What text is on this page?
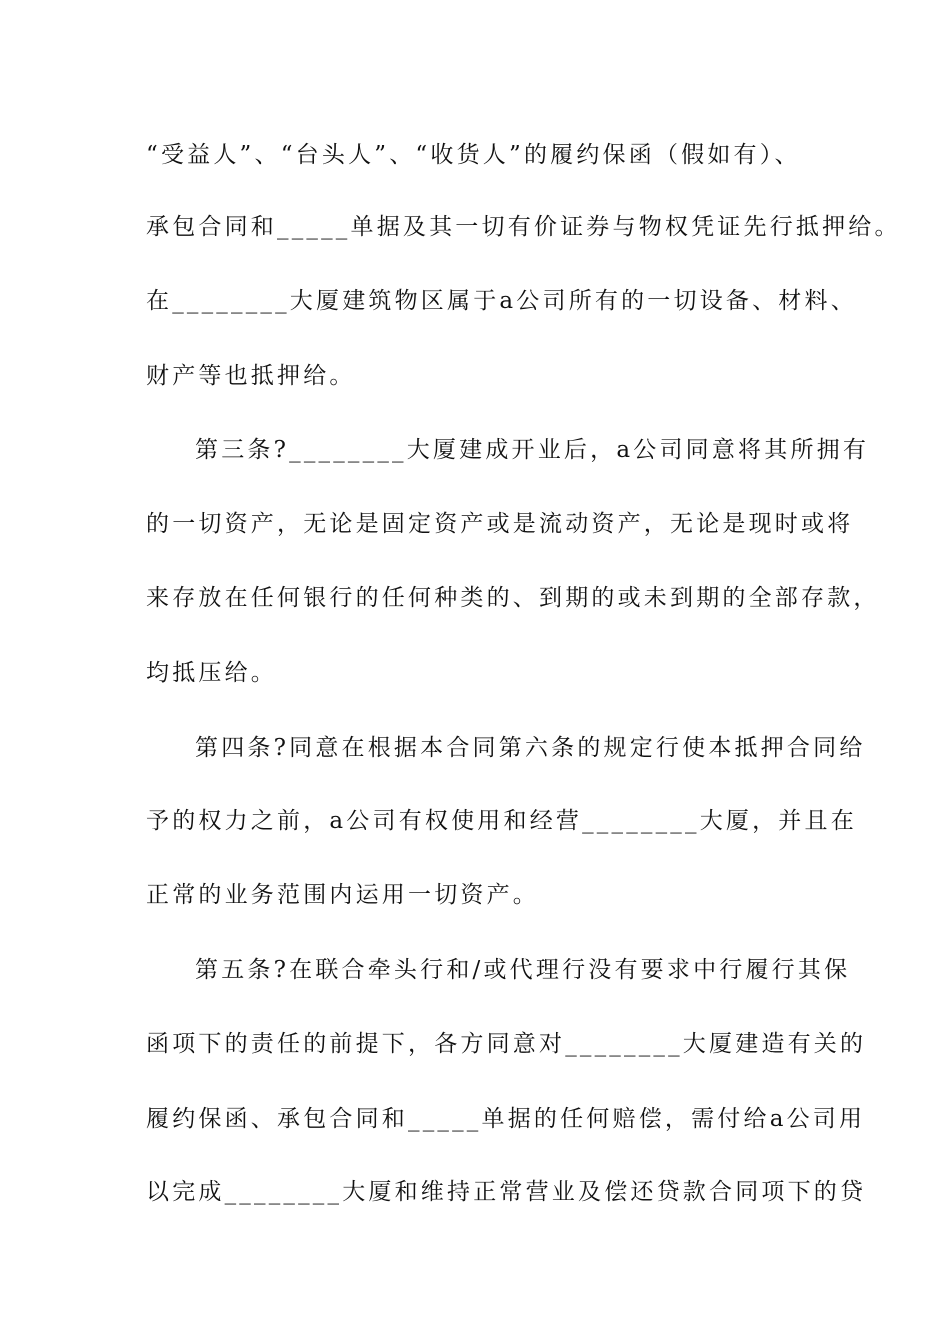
“受益人”、“台头人”、“收货人”的履约保函（假如有）、
承包合同和_____单据及其一切有价证券与物权凭证先行抵押给。
在________大厦建筑物区属于a公司所有的一切设备、材料、
财产等也抵押给。
第三条?________大厦建成开业后，a公司同意将其所拥有
的一切资产，无论是固定资产或是流动资产，无论是现时或将
来存放在任何银行的任何种类的、到期的或未到期的全部存款，
均抵压给。
第四条?同意在根据本合同第六条的规定行使本抵押合同给
予的权力之前，a公司有权使用和经营________大厦，并且在
正常的业务范围内运用一切资产。
第五条?在联合牵头行和/或代理行没有要求中行履行其保
函项下的责任的前提下，各方同意对________大厦建造有关的
履约保函、承包合同和_____单据的任何赔偿，需付给a公司用
以完成________大厦和维持正常营业及偿还贷款合同项下的贷
